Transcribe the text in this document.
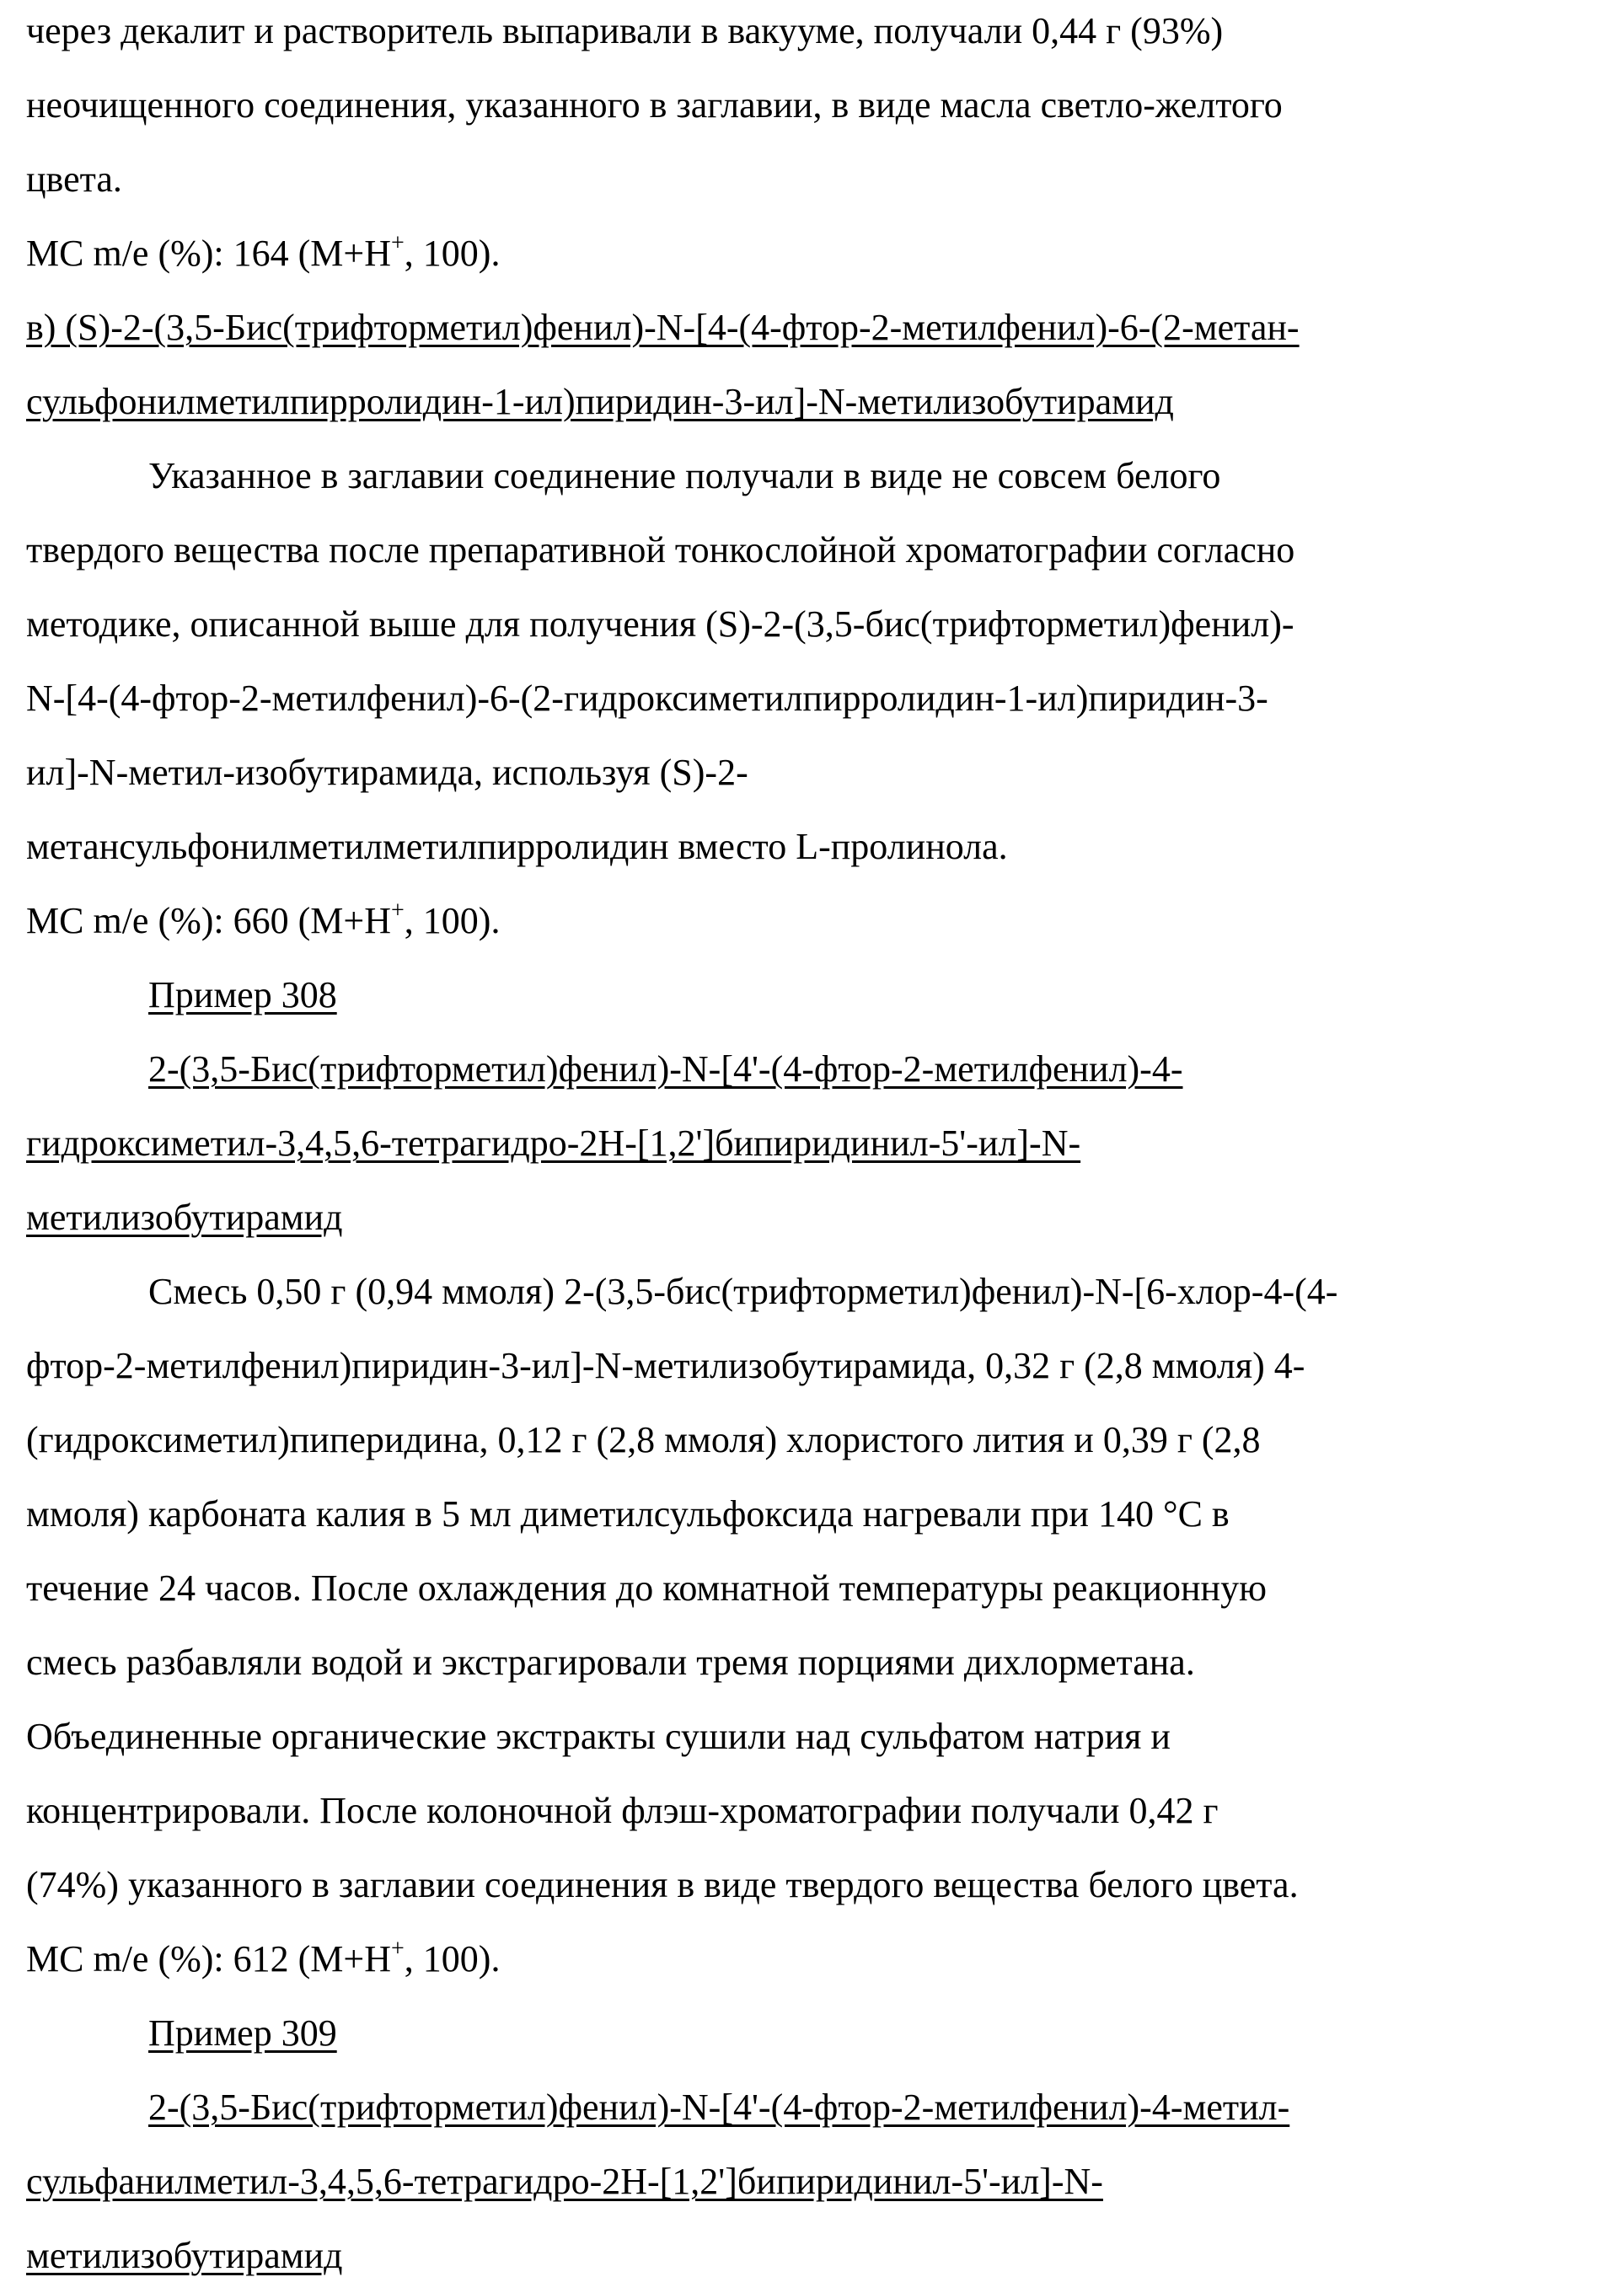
через декалит и растворитель выпаривали в вакууме, получали 0,44 г (93%)
неочищенного соединения, указанного в заглавии, в виде масла светло-желтого
цвета.
МС m/e (%): 164 (M+H+, 100).
в) (S)-2-(3,5-Бис(трифторметил)фенил)-N-[4-(4-фтор-2-метилфенил)-6-(2-метан-
сульфонилметилпирролидин-1-ил)пиридин-3-ил]-N-метилизобутирамид
Указанное в заглавии соединение получали в виде не совсем белого
твердого вещества после препаративной тонкослойной хроматографии согласно
методике, описанной выше для получения (S)-2-(3,5-бис(трифторметил)фенил)-
N-[4-(4-фтор-2-метилфенил)-6-(2-гидроксиметилпирролидин-1-ил)пиридин-3-
ил]-N-метил-изобутирамида, используя (S)-2-
метансульфонилметилметилпирролидин вместо L-пролинола.
МС m/e (%): 660 (M+H+, 100).
Пример 308
2-(3,5-Бис(трифторметил)фенил)-N-[4'-(4-фтор-2-метилфенил)-4-
гидроксиметил-3,4,5,6-тетрагидро-2H-[1,2']бипиридинил-5'-ил]-N-
метилизобутирамид
Смесь 0,50 г (0,94 ммоля) 2-(3,5-бис(трифторметил)фенил)-N-[6-хлор-4-(4-
фтор-2-метилфенил)пиридин-3-ил]-N-метилизобутирамида, 0,32 г (2,8 ммоля) 4-
(гидроксиметил)пиперидина, 0,12 г (2,8 ммоля) хлористого лития и 0,39 г (2,8
ммоля) карбоната калия в 5 мл диметилсульфоксида нагревали при 140 °C в
течение 24 часов. После охлаждения до комнатной температуры реакционную
смесь разбавляли водой и экстрагировали тремя порциями дихлорметана.
Объединенные органические экстракты сушили над сульфатом натрия и
концентрировали. После колоночной флэш-хроматографии получали 0,42 г
(74%) указанного в заглавии соединения в виде твердого вещества белого цвета.
МС m/e (%): 612 (M+H+, 100).
Пример 309
2-(3,5-Бис(трифторметил)фенил)-N-[4'-(4-фтор-2-метилфенил)-4-метил-
сульфанилметил-3,4,5,6-тетрагидро-2H-[1,2']бипиридинил-5'-ил]-N-
метилизобутирамид
